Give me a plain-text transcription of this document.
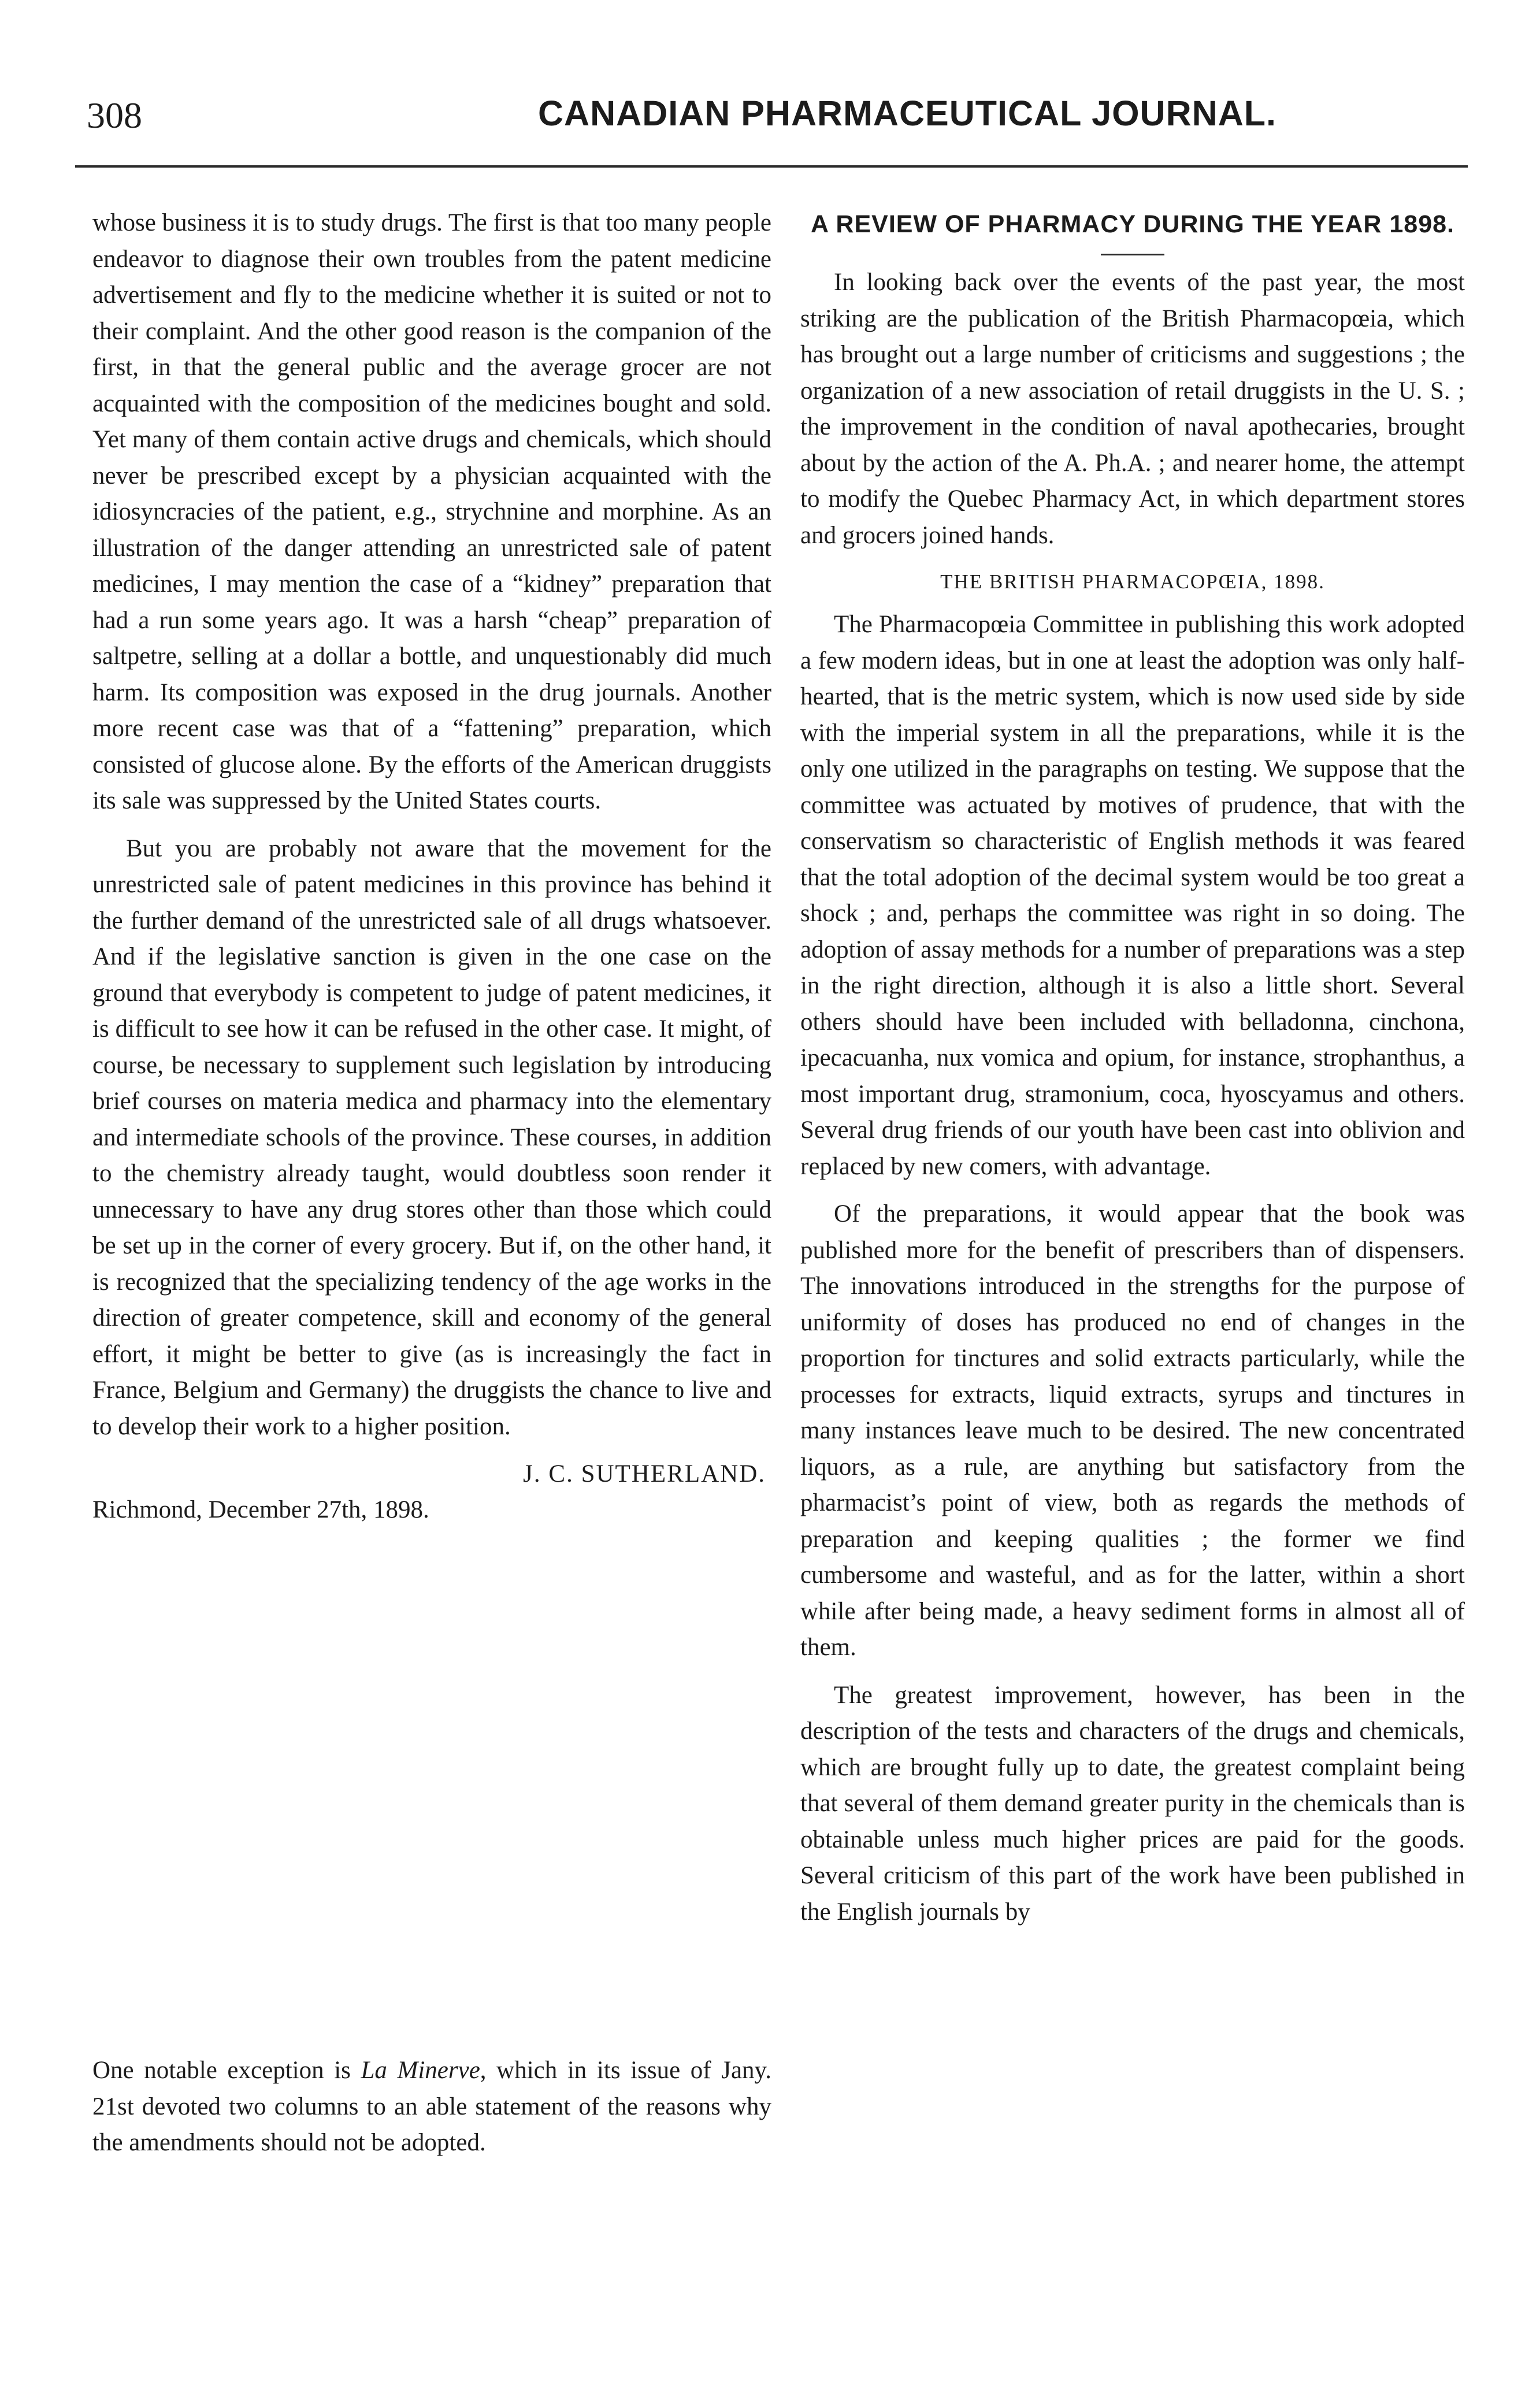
308	CANADIAN PHARMACEUTICAL JOURNAL.

whose business it is to study drugs. The first is that too many people endeavor to diagnose their own troubles from the patent medicine advertisement and fly to the medicine whether it is suited or not to their complaint. And the other good reason is the companion of the first, in that the general public and the average grocer are not acquainted with the composition of the medicines bought and sold. Yet many of them contain active drugs and chemicals, which should never be prescribed except by a physician acquainted with the idiosyncracies of the patient, e.g., strychnine and morphine. As an illustration of the danger attending an unrestricted sale of patent medicines, I may mention the case of a “kidney” preparation that had a run some years ago. It was a harsh “cheap” preparation of saltpetre, selling at a dollar a bottle, and unquestionably did much harm. Its composition was exposed in the drug journals. Another more recent case was that of a “fattening” preparation, which consisted of glucose alone. By the efforts of the American druggists its sale was suppressed by the United States courts.

But you are probably not aware that the movement for the unrestricted sale of patent medicines in this province has behind it the further demand of the unrestricted sale of all drugs whatsoever. And if the legislative sanction is given in the one case on the ground that everybody is competent to judge of patent medicines, it is difficult to see how it can be refused in the other case. It might, of course, be necessary to supplement such legislation by introducing brief courses on materia medica and pharmacy into the elementary and intermediate schools of the province. These courses, in addition to the chemistry already taught, would doubtless soon render it unnecessary to have any drug stores other than those which could be set up in the corner of every grocery. But if, on the other hand, it is recognized that the specializing tendency of the age works in the direction of greater competence, skill and economy of the general effort, it might be better to give (as is increasingly the fact in France, Belgium and Germany) the druggists the chance to live and to develop their work to a higher position.

J. C. SUTHERLAND.

Richmond, December 27th, 1898.

One notable exception is La Minerve, which in its issue of Jany. 21st devoted two columns to an able statement of the reasons why the amendments should not be adopted.

A REVIEW OF PHARMACY DURING THE YEAR 1898.

In looking back over the events of the past year, the most striking are the publication of the British Pharmacopœia, which has brought out a large number of criticisms and suggestions ; the organization of a new association of retail druggists in the U. S. ; the improvement in the condition of naval apothecaries, brought about by the action of the A. Ph.A. ; and nearer home, the attempt to modify the Quebec Pharmacy Act, in which department stores and grocers joined hands.

THE BRITISH PHARMACOPŒIA, 1898.

The Pharmacopœia Committee in publishing this work adopted a few modern ideas, but in one at least the adoption was only half-hearted, that is the metric system, which is now used side by side with the imperial system in all the preparations, while it is the only one utilized in the paragraphs on testing. We suppose that the committee was actuated by motives of prudence, that with the conservatism so characteristic of English methods it was feared that the total adoption of the decimal system would be too great a shock ; and, perhaps the committee was right in so doing. The adoption of assay methods for a number of preparations was a step in the right direction, although it is also a little short. Several others should have been included with belladonna, cinchona, ipecacuanha, nux vomica and opium, for instance, strophanthus, a most important drug, stramonium, coca, hyoscyamus and others. Several drug friends of our youth have been cast into oblivion and replaced by new comers, with advantage.

Of the preparations, it would appear that the book was published more for the benefit of prescribers than of dispensers. The innovations introduced in the strengths for the purpose of uniformity of doses has produced no end of changes in the proportion for tinctures and solid extracts particularly, while the processes for extracts, liquid extracts, syrups and tinctures in many instances leave much to be desired. The new concentrated liquors, as a rule, are anything but satisfactory from the pharmacist’s point of view, both as regards the methods of preparation and keeping qualities ; the former we find cumbersome and wasteful, and as for the latter, within a short while after being made, a heavy sediment forms in almost all of them.

The greatest improvement, however, has been in the description of the tests and characters of the drugs and chemicals, which are brought fully up to date, the greatest complaint being that several of them demand greater purity in the chemicals than is obtainable unless much higher prices are paid for the goods. Several criticism of this part of the work have been published in the English journals by
